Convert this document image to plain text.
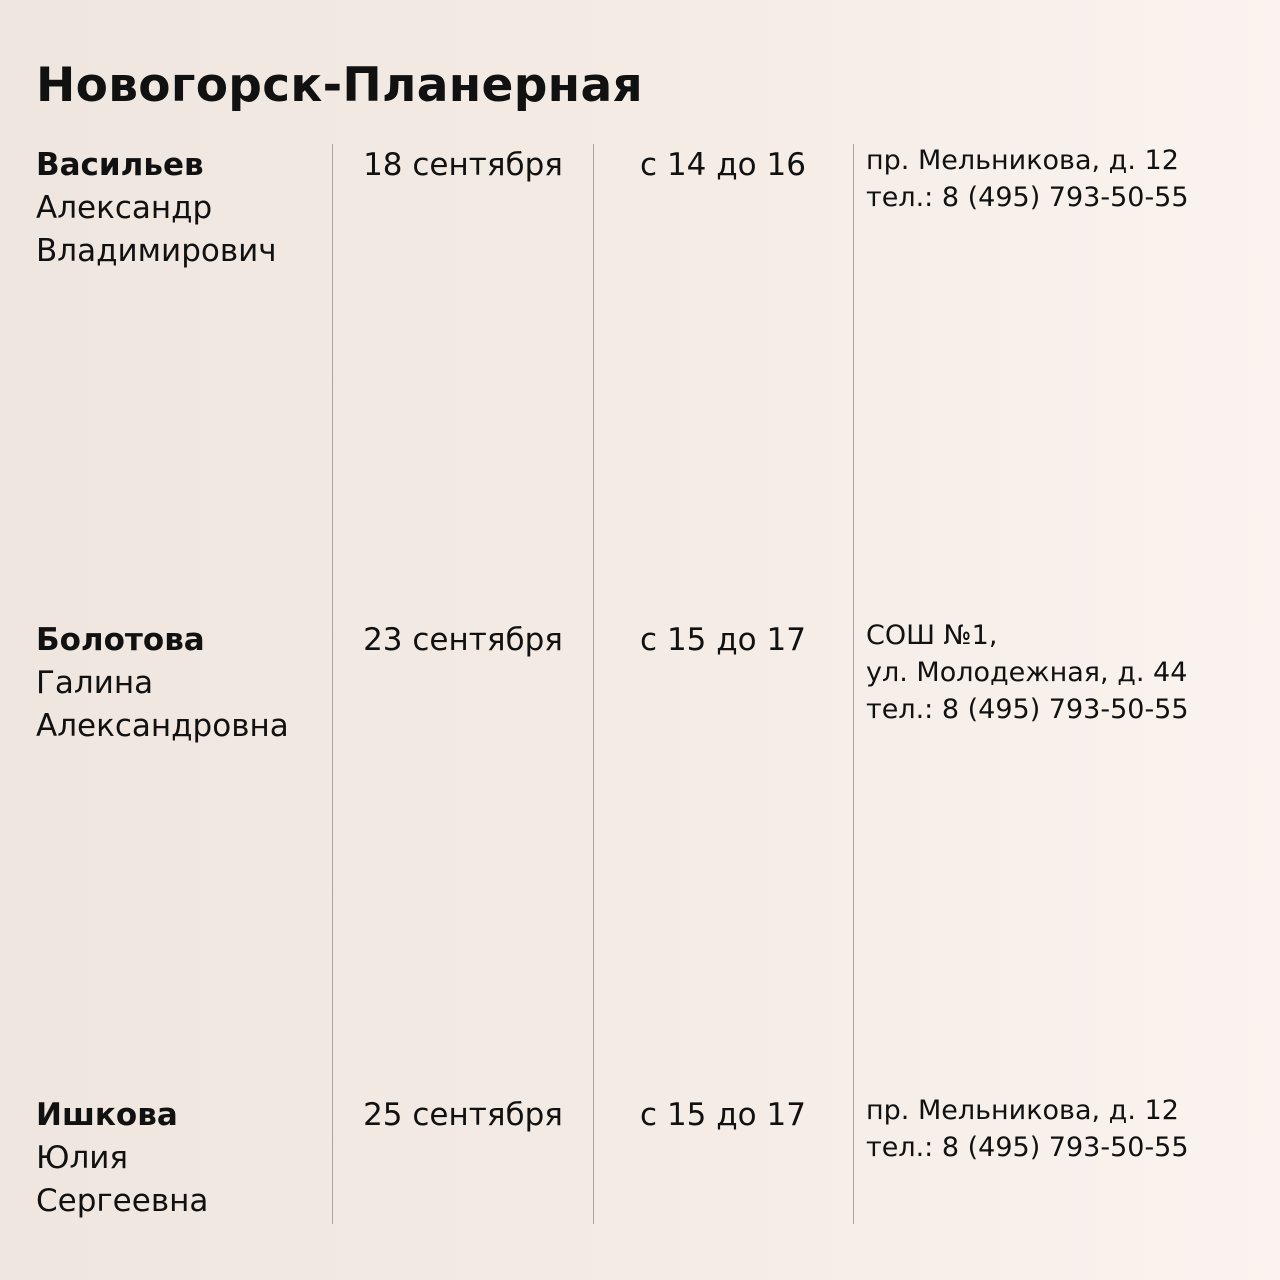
Новогорск-Планерная
Васильев
Александр
Владимирович
18 сентября	с 14 до 16	пр. Мельникова, д. 12
тел.: 8 (495) 793-50-55
Болотова
Галина
Александровна
23 сентября	с 15 до 17	СОШ №1,
ул. Молодежная, д. 44
тел.: 8 (495) 793-50-55
Ишкова
Юлия
Сергеевна
25 сентября	с 15 до 17	пр. Мельникова, д. 12
тел.: 8 (495) 793-50-55
